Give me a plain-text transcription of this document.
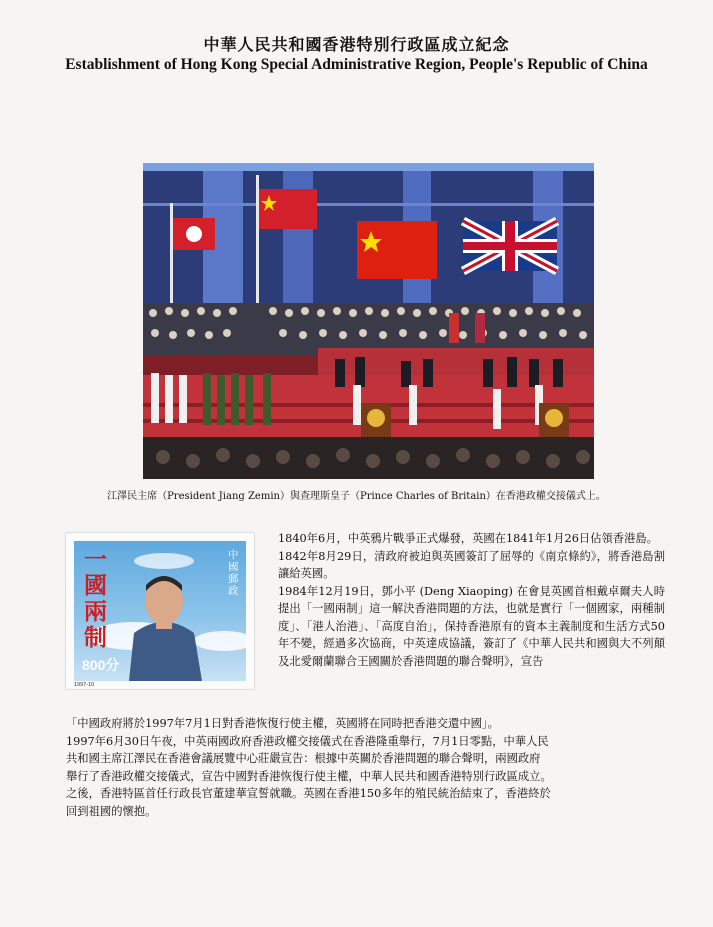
中華人民共和國香港特別行政區成立紀念
Establishment of Hong Kong Special Administrative Region, People's Republic of China
江澤民主席（President Jiang Zemin）與查理斯皇子（Prince Charles of Britain）在香港政權交接儀式上。
一國兩制
中國郵政
800分
1997-10

1840年6月，中英鴉片戰爭正式爆發，英國在1841年1月26日佔領香港島。

1842年8月29日，清政府被迫與英國簽訂了屈辱的《南京條約》，將香港島割讓給英國。

1984年12月19日，鄧小平 (Deng Xiaoping) 在會見英國首相戴卓爾夫人時提出「一國兩制」這一解決香港問題的方法，也就是實行「一個國家，兩種制度」、「港人治港」、「高度自治」，保持香港原有的資本主義制度和生活方式50年不變，經過多次協商，中英達成協議，簽訂了《中華人民共和國與大不列顛及北愛爾蘭聯合王國關於香港問題的聯合聲明》，宣告

「中國政府將於1997年7月1日對香港恢復行使主權，英國將在同時把香港交還中國」。

1997年6月30日午夜，中英兩國政府香港政權交接儀式在香港隆重舉行，7月1日零點，中華人民

共和國主席江澤民在香港會議展覽中心莊嚴宣告：根據中英關於香港問題的聯合聲明，兩國政府

舉行了香港政權交接儀式，宣告中國對香港恢復行使主權，中華人民共和國香港特別行政區成立。

之後，香港特區首任行政長官董建華宣誓就職。英國在香港150多年的殖民統治結束了，香港終於

回到祖國的懷抱。
